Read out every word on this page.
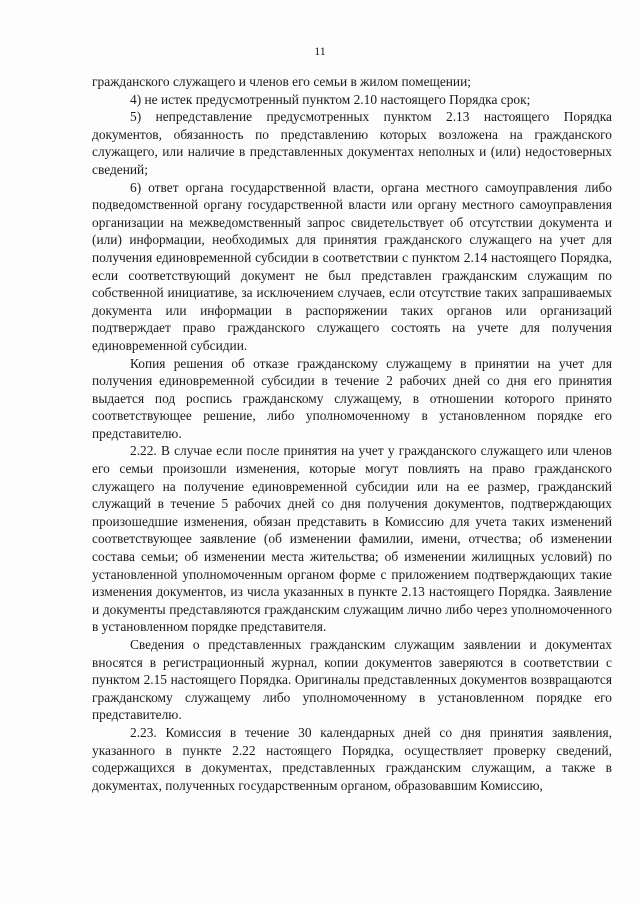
11

гражданского служащего и членов его семьи в жилом помещении;

4) не истек предусмотренный пунктом 2.10 настоящего Порядка срок;

5) непредставление предусмотренных пунктом 2.13 настоящего Порядка документов, обязанность по представлению которых возложена на гражданского служащего, или наличие в представленных документах неполных и (или) недостоверных сведений;

6) ответ органа государственной власти, органа местного самоуправления либо подведомственной органу государственной власти или органу местного самоуправления организации на межведомственный запрос свидетельствует об отсутствии документа и (или) информации, необходимых для принятия гражданского служащего на учет для получения единовременной субсидии в соответствии с пунктом 2.14 настоящего Порядка, если соответствующий документ не был представлен гражданским служащим по собственной инициативе, за исключением случаев, если отсутствие таких запрашиваемых документа или информации в распоряжении таких органов или организаций подтверждает право гражданского служащего состоять на учете для получения единовременной субсидии.

Копия решения об отказе гражданскому служащему в принятии на учет для получения единовременной субсидии в течение 2 рабочих дней со дня его принятия выдается под роспись гражданскому служащему, в отношении которого принято соответствующее решение, либо уполномоченному в установленном порядке его представителю.

2.22. В случае если после принятия на учет у гражданского служащего или членов его семьи произошли изменения, которые могут повлиять на право гражданского служащего на получение единовременной субсидии или на ее размер, гражданский служащий в течение 5 рабочих дней со дня получения документов, подтверждающих произошедшие изменения, обязан представить в Комиссию для учета таких изменений соответствующее заявление (об изменении фамилии, имени, отчества; об изменении состава семьи; об изменении места жительства; об изменении жилищных условий) по установленной уполномоченным органом форме с приложением подтверждающих такие изменения документов, из числа указанных в пункте 2.13 настоящего Порядка. Заявление и документы представляются гражданским служащим лично либо через уполномоченного в установленном порядке представителя.

Сведения о представленных гражданским служащим заявлении и документах вносятся в регистрационный журнал, копии документов заверяются в соответствии с пунктом 2.15 настоящего Порядка. Оригиналы представленных документов возвращаются гражданскому служащему либо уполномоченному в установленном порядке его представителю.

2.23. Комиссия в течение 30 календарных дней со дня принятия заявления, указанного в пункте 2.22 настоящего Порядка, осуществляет проверку сведений, содержащихся в документах, представленных гражданским служащим, а также в документах, полученных государственным органом, образовавшим Комиссию,
